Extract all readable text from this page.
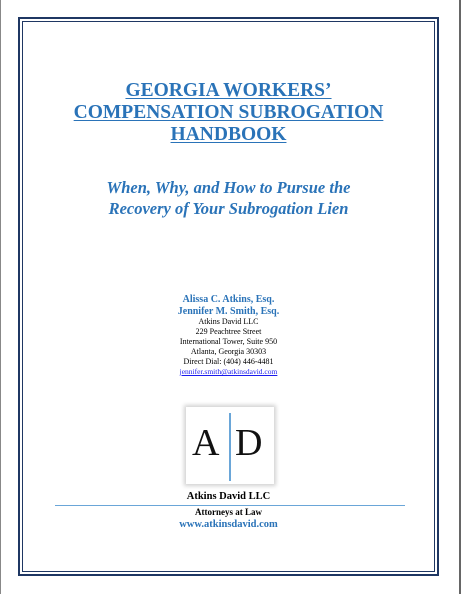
GEORGIA WORKERS’
COMPENSATION SUBROGATION
HANDBOOK
When, Why, and How to Pursue the
Recovery of Your Subrogation Lien
Alissa C. Atkins, Esq.
Jennifer M. Smith, Esq.
Atkins David LLC
229 Peachtree Street
International Tower, Suite 950
Atlanta, Georgia 30303
Direct Dial: (404) 446-4481
jennifer.smith@atkinsdavid.com
A D
Atkins David LLC
Attorneys at Law
www.atkinsdavid.com
